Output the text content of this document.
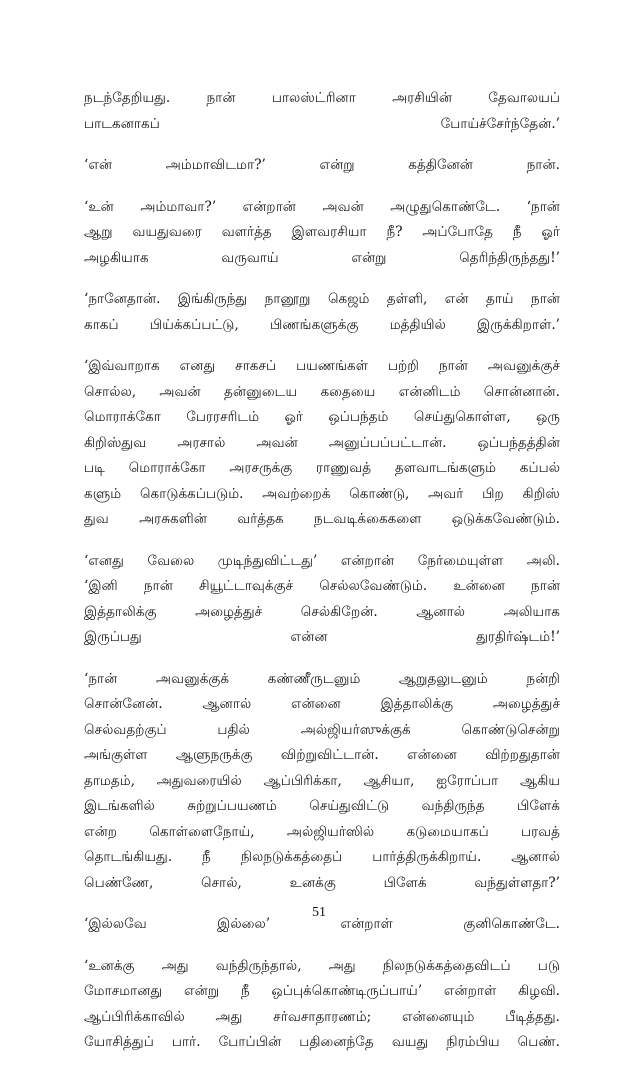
நடந்தேறியது. நான் பாலஸ்ட்ரினா அரசியின் தேவாலயப்
பாடகனாகப் போய்ச்சேர்ந்தேன்.’

‘என் அம்மாவிடமா?’ என்று கத்தினேன் நான்.

‘உன் அம்மாவா?’ என்றான் அவன் அழுதுகொண்டே. ‘நான்
ஆறு வயதுவரை வளர்த்த இளவரசியா நீ? அப்போதே நீ ஓர்
அழகியாக வருவாய் என்று தெரிந்திருந்தது!’

‘நானேதான். இங்கிருந்து நானூறு கெஜம் தள்ளி, என் தாய் நான்
காகப் பிய்க்கப்பட்டு, பிணங்களுக்கு மத்தியில் இருக்கிறாள்.’

‘இவ்வாறாக எனது சாகசப் பயணங்கள் பற்றி நான் அவனுக்குச்
சொல்ல, அவன் தன்னுடைய கதையை என்னிடம் சொன்னான்.
மொராக்கோ பேரரசரிடம் ஓர் ஒப்பந்தம் செய்துகொள்ள, ஒரு
கிறிஸ்துவ அரசால் அவன் அனுப்பப்பட்டான். ஒப்பந்தத்தின்
படி மொராக்கோ அரசருக்கு ராணுவத் தளவாடங்களும் கப்பல்
களும் கொடுக்கப்படும். அவற்றைக் கொண்டு, அவர் பிற கிறிஸ்
துவ அரசுகளின் வர்த்தக நடவடிக்கைகளை ஒடுக்கவேண்டும்.

‘எனது வேலை முடிந்துவிட்டது’ என்றான் நேர்மையுள்ள அலி.
‘இனி நான் சியூட்டாவுக்குச் செல்லவேண்டும். உன்னை நான்
இத்தாலிக்கு அழைத்துச் செல்கிறேன். ஆனால் அலியாக
இருப்பது என்ன துரதிர்ஷ்டம்!’

‘நான் அவனுக்குக் கண்ணீருடனும் ஆறுதலுடனும் நன்றி
சொன்னேன். ஆனால் என்னை இத்தாலிக்கு அழைத்துச்
செல்வதற்குப் பதில் அல்ஜியர்ஸுக்குக் கொண்டுசென்று
அங்குள்ள ஆளுநருக்கு விற்றுவிட்டான். என்னை விற்றதுதான்
தாமதம், அதுவரையில் ஆப்பிரிக்கா, ஆசியா, ஐரோப்பா ஆகிய
இடங்களில் சுற்றுப்பயணம் செய்துவிட்டு வந்திருந்த பிளேக்
என்ற கொள்ளைநோய், அல்ஜியர்ஸில் கடுமையாகப் பரவத்
தொடங்கியது. நீ நிலநடுக்கத்தைப் பார்த்திருக்கிறாய். ஆனால்
பெண்ணே, சொல், உனக்கு பிளேக் வந்துள்ளதா?’

‘இல்லவே இல்லை’ என்றாள் குனிகொண்டே.

‘உனக்கு அது வந்திருந்தால், அது நிலநடுக்கத்தைவிடப் படு
மோசமானது என்று நீ ஒப்புக்கொண்டிருப்பாய்’ என்றாள் கிழவி.
ஆப்பிரிக்காவில் அது சர்வசாதாரணம்; என்னையும் பீடித்தது.
யோசித்துப் பார். போப்பின் பதினைந்தே வயது நிரம்பிய பெண்.

51
